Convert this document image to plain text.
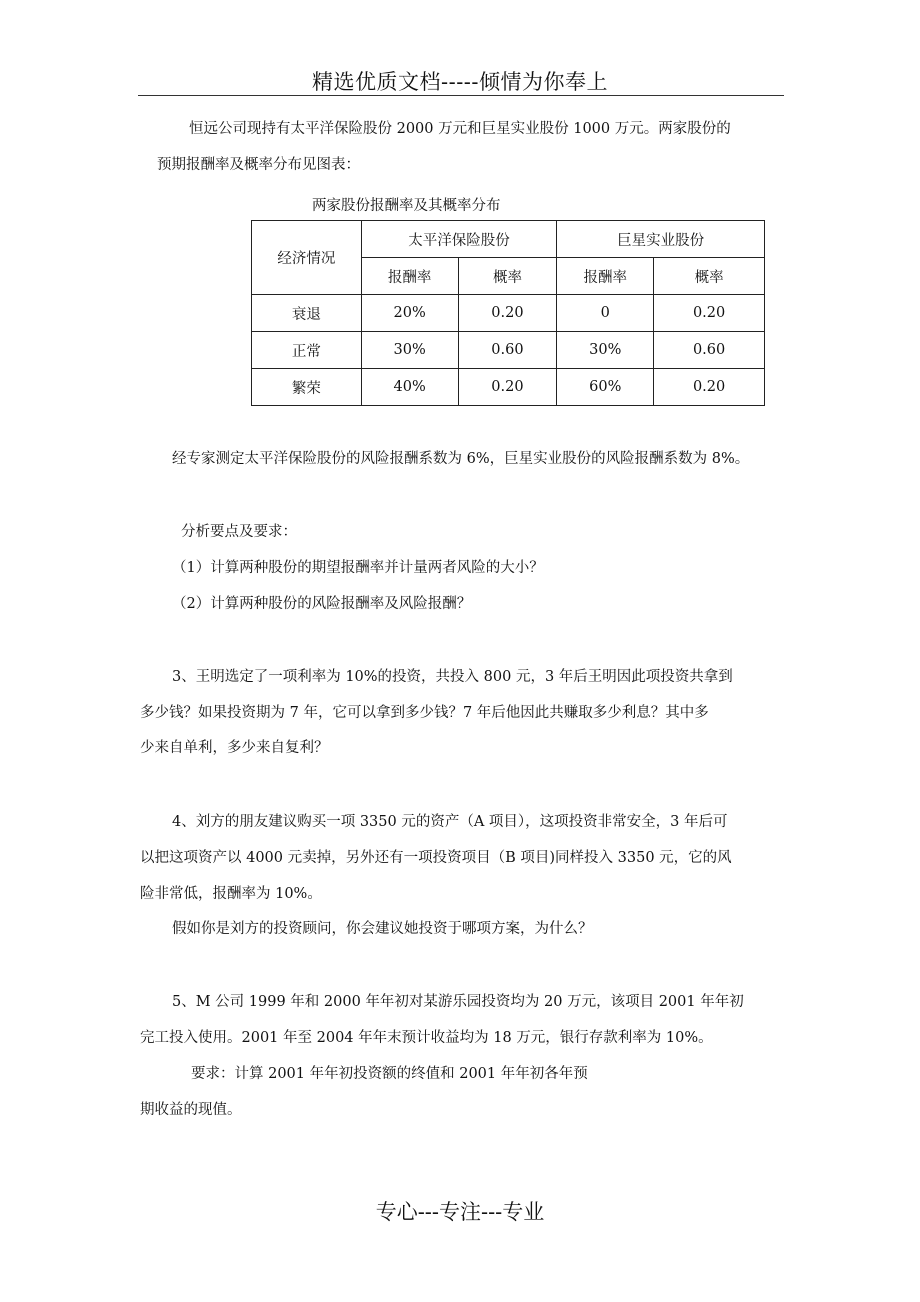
精选优质文档-----倾情为你奉上
恒远公司现持有太平洋保险股份 2000 万元和巨星实业股份 1000 万元。两家股份的
预期报酬率及概率分布见图表：
两家股份报酬率及其概率分布
经济情况	太平洋保险股份		巨星实业股份	
	报酬率	概率	报酬率	概率
衰退	20%	0.20	0	0.20
正常	30%	0.60	30%	0.60
繁荣	40%	0.20	60%	0.20
经专家测定太平洋保险股份的风险报酬系数为 6%，巨星实业股份的风险报酬系数为 8%。
分析要点及要求：
（1）计算两种股份的期望报酬率并计量两者风险的大小？
（2）计算两种股份的风险报酬率及风险报酬？
3、王明选定了一项利率为 10%的投资，共投入 800 元，3 年后王明因此项投资共拿到
多少钱？如果投资期为 7 年，它可以拿到多少钱？7 年后他因此共赚取多少利息？其中多
少来自单利，多少来自复利？
4、刘方的朋友建议购买一项 3350 元的资产（A 项目），这项投资非常安全，3 年后可
以把这项资产以 4000 元卖掉，另外还有一项投资项目（B 项目)同样投入 3350 元，它的风
险非常低，报酬率为 10%。
假如你是刘方的投资顾问，你会建议她投资于哪项方案，为什么？
5、M 公司 1999 年和 2000 年年初对某游乐园投资均为 20 万元，该项目 2001 年年初
完工投入使用。2001 年至 2004 年年末预计收益均为 18 万元，银行存款利率为 10%。
要求：计算 2001 年年初投资额的终值和 2001 年年初各年预
期收益的现值。
专心---专注---专业
